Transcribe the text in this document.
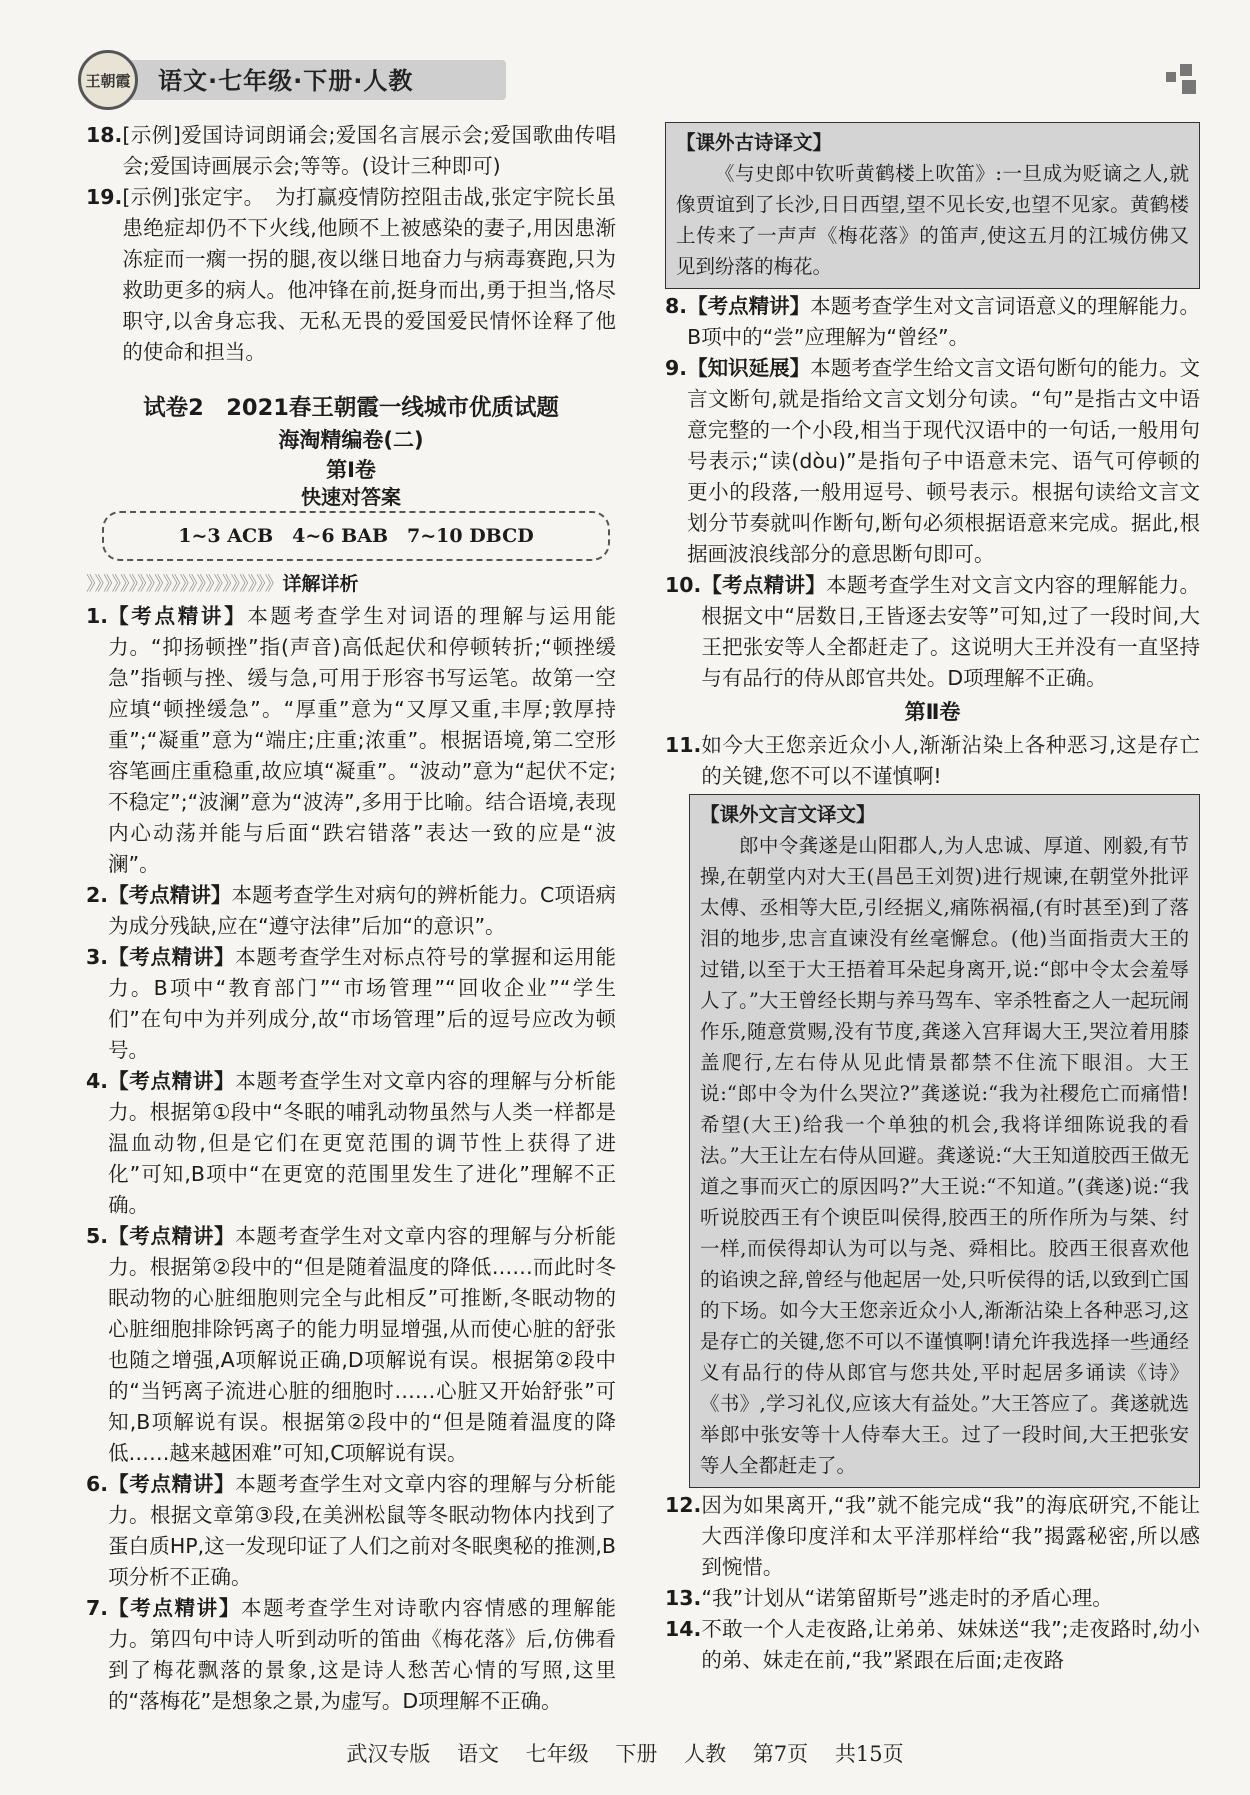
王朝霞 语文·七年级·下册·人教
18. [示例]爱国诗词朗诵会;爱国名言展示会;爱国歌曲传唱会;爱国诗画展示会;等等。(设计三种即可)
19. [示例]张定宇。　为打赢疫情防控阻击战,张定宇院长虽患绝症却仍不下火线,他顾不上被感染的妻子,用因患渐冻症而一瘸一拐的腿,夜以继日地奋力与病毒赛跑,只为救助更多的病人。他冲锋在前,挺身而出,勇于担当,恪尽职守,以舍身忘我、无私无畏的爱国爱民情怀诠释了他的使命和担当。
试卷2　2021春王朝霞一线城市优质试题
海淘精编卷(二)
第Ⅰ卷
快速对答案
1~3 ACB　4~6 BAB　7~10 DBCD
》》》》》》》》》》》》》》》》》》》》》》详解详析
1. 【考点精讲】本题考查学生对词语的理解与运用能力。“抑扬顿挫”指(声音)高低起伏和停顿转折;“顿挫缓急”指顿与挫、缓与急,可用于形容书写运笔。故第一空应填“顿挫缓急”。“厚重”意为“又厚又重,丰厚;敦厚持重”;“凝重”意为“端庄;庄重;浓重”。根据语境,第二空形容笔画庄重稳重,故应填“凝重”。“波动”意为“起伏不定;不稳定”;“波澜”意为“波涛”,多用于比喻。结合语境,表现内心动荡并能与后面“跌宕错落”表达一致的应是“波澜”。
2. 【考点精讲】本题考查学生对病句的辨析能力。C项语病为成分残缺,应在“遵守法律”后加“的意识”。
3. 【考点精讲】本题考查学生对标点符号的掌握和运用能力。B项中“教育部门”“市场管理”“回收企业”“学生们”在句中为并列成分,故“市场管理”后的逗号应改为顿号。
4. 【考点精讲】本题考查学生对文章内容的理解与分析能力。根据第①段中“冬眠的哺乳动物虽然与人类一样都是温血动物,但是它们在更宽范围的调节性上获得了进化”可知,B项中“在更宽的范围里发生了进化”理解不正确。
5. 【考点精讲】本题考查学生对文章内容的理解与分析能力。根据第②段中的“但是随着温度的降低……而此时冬眠动物的心脏细胞则完全与此相反”可推断,冬眠动物的心脏细胞排除钙离子的能力明显增强,从而使心脏的舒张也随之增强,A项解说正确,D项解说有误。根据第②段中的“当钙离子流进心脏的细胞时……心脏又开始舒张”可知,B项解说有误。根据第②段中的“但是随着温度的降低……越来越困难”可知,C项解说有误。
6. 【考点精讲】本题考查学生对文章内容的理解与分析能力。根据文章第③段,在美洲松鼠等冬眠动物体内找到了蛋白质HP,这一发现印证了人们之前对冬眠奥秘的推测,B项分析不正确。
7. 【考点精讲】本题考查学生对诗歌内容情感的理解能力。第四句中诗人听到动听的笛曲《梅花落》后,仿佛看到了梅花飘落的景象,这是诗人愁苦心情的写照,这里的“落梅花”是想象之景,为虚写。D项理解不正确。
【课外古诗译文】

《与史郎中钦听黄鹤楼上吹笛》:一旦成为贬谪之人,就像贾谊到了长沙,日日西望,望不见长安,也望不见家。黄鹤楼上传来了一声声《梅花落》的笛声,使这五月的江城仿佛又见到纷落的梅花。

8. 【考点精讲】本题考查学生对文言词语意义的理解能力。B项中的“尝”应理解为“曾经”。
9. 【知识延展】本题考查学生给文言文语句断句的能力。文言文断句,就是指给文言文划分句读。“句”是指古文中语意完整的一个小段,相当于现代汉语中的一句话,一般用句号表示;“读(dòu)”是指句子中语意未完、语气可停顿的更小的段落,一般用逗号、顿号表示。根据句读给文言文划分节奏就叫作断句,断句必须根据语意来完成。据此,根据画波浪线部分的意思断句即可。
10. 【考点精讲】本题考查学生对文言文内容的理解能力。根据文中“居数日,王皆逐去安等”可知,过了一段时间,大王把张安等人全都赶走了。这说明大王并没有一直坚持与有品行的侍从郎官共处。D项理解不正确。
第Ⅱ卷
11. 如今大王您亲近众小人,渐渐沾染上各种恶习,这是存亡的关键,您不可以不谨慎啊!
【课外文言文译文】

郎中令龚遂是山阳郡人,为人忠诚、厚道、刚毅,有节操,在朝堂内对大王(昌邑王刘贺)进行规谏,在朝堂外批评太傅、丞相等大臣,引经据义,痛陈祸福,(有时甚至)到了落泪的地步,忠言直谏没有丝毫懈怠。(他)当面指责大王的过错,以至于大王捂着耳朵起身离开,说:“郎中令太会羞辱人了。”大王曾经长期与养马驾车、宰杀牲畜之人一起玩闹作乐,随意赏赐,没有节度,龚遂入宫拜谒大王,哭泣着用膝盖爬行,左右侍从见此情景都禁不住流下眼泪。大王说:“郎中令为什么哭泣?”龚遂说:“我为社稷危亡而痛惜!希望(大王)给我一个单独的机会,我将详细陈说我的看法。”大王让左右侍从回避。龚遂说:“大王知道胶西王做无道之事而灭亡的原因吗?”大王说:“不知道。”(龚遂)说:“我听说胶西王有个谀臣叫侯得,胶西王的所作所为与桀、纣一样,而侯得却认为可以与尧、舜相比。胶西王很喜欢他的谄谀之辞,曾经与他起居一处,只听侯得的话,以致到亡国的下场。如今大王您亲近众小人,渐渐沾染上各种恶习,这是存亡的关键,您不可以不谨慎啊!请允许我选择一些通经义有品行的侍从郎官与您共处,平时起居多诵读《诗》《书》,学习礼仪,应该大有益处。”大王答应了。龚遂就选举郎中张安等十人侍奉大王。过了一段时间,大王把张安等人全都赶走了。

12. 因为如果离开,“我”就不能完成“我”的海底研究,不能让大西洋像印度洋和太平洋那样给“我”揭露秘密,所以感到惋惜。
13. “我”计划从“诺第留斯号”逃走时的矛盾心理。
14. 不敢一个人走夜路,让弟弟、妹妹送“我”;走夜路时,幼小的弟、妹走在前,“我”紧跟在后面;走夜路
武汉专版 语文 七年级 下册 人教 第7页 共15页
